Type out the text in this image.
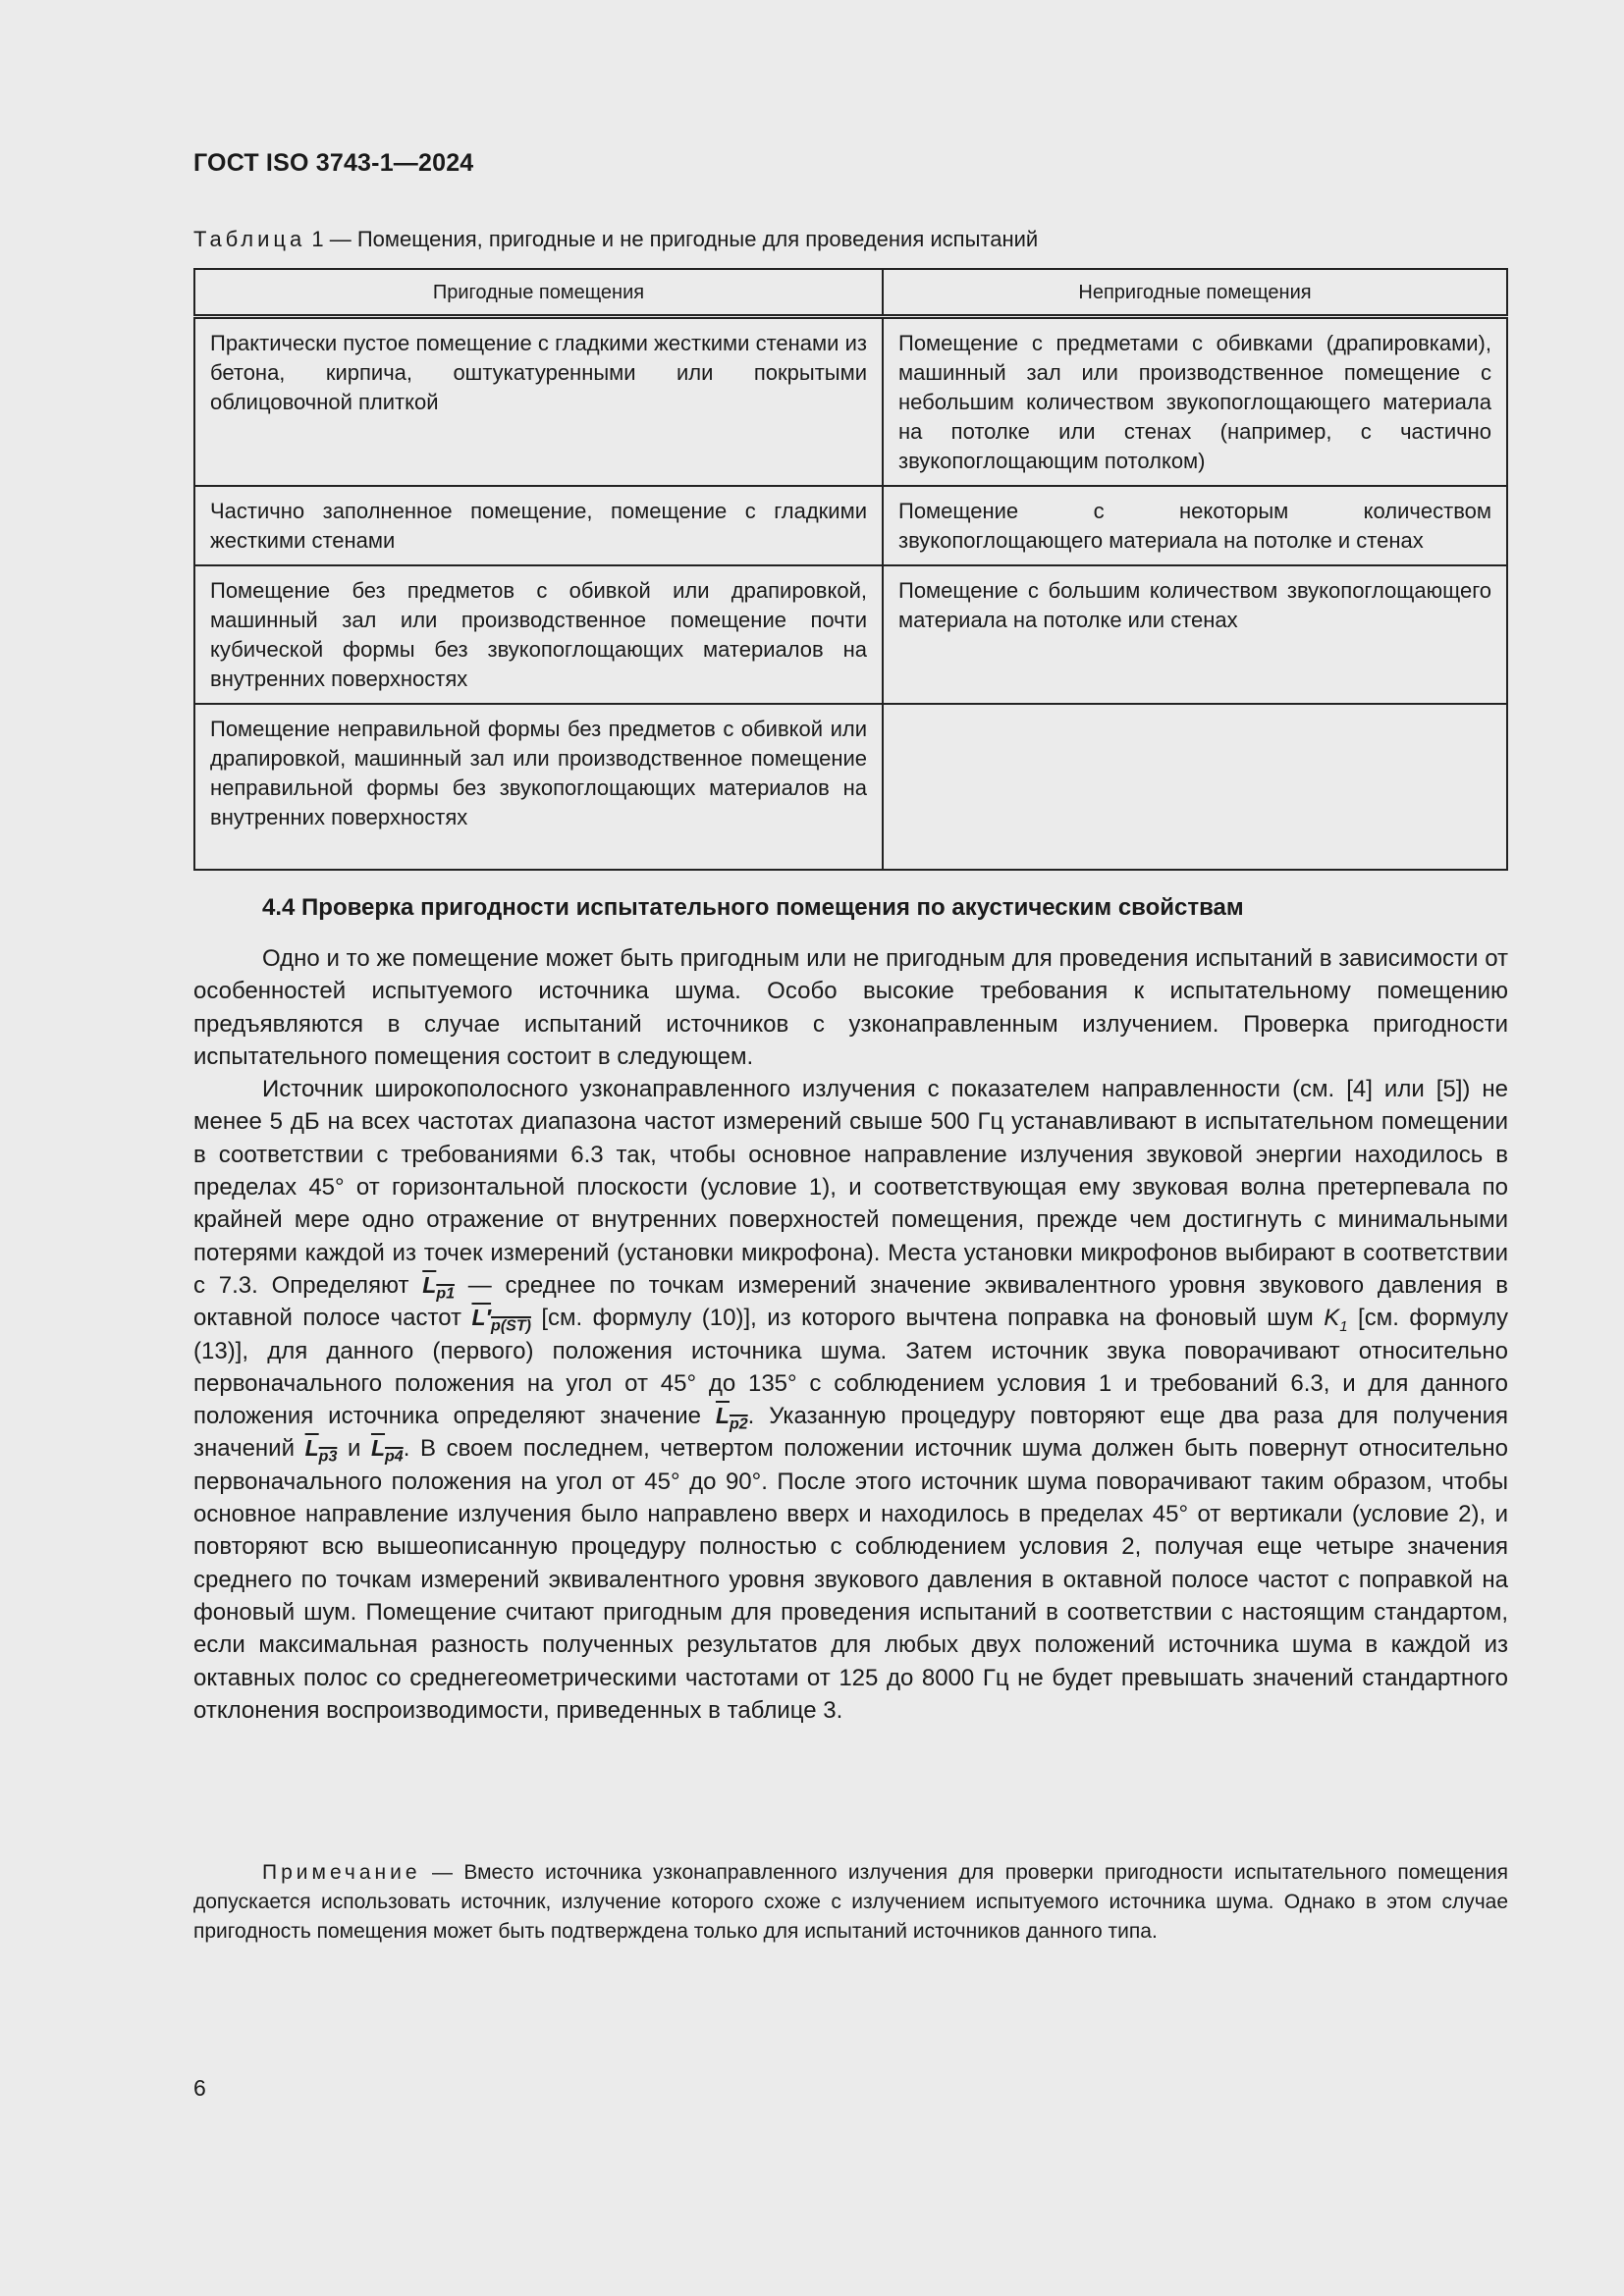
ГОСТ ISO 3743-1—2024
Таблица 1 — Помещения, пригодные и не пригодные для проведения испытаний
Пригодные помещения	Непригодные помещения
Практически пустое помещение с гладкими жесткими стенами из бетона, кирпича, оштукатуренными или покрытыми облицовочной плиткой	Помещение с предметами с обивками (драпировками), машинный зал или производственное помещение с небольшим количеством звукопоглощающего материала на потолке или стенах (например, с частично звукопоглощающим потолком)
Частично заполненное помещение, помещение с гладкими жесткими стенами	Помещение с некоторым количеством звукопоглощающего материала на потолке и стенах
Помещение без предметов с обивкой или драпировкой, машинный зал или производственное помещение почти кубической формы без звукопоглощающих материалов на внутренних поверхностях	Помещение с большим количеством звукопоглощающего материала на потолке или стенах
Помещение неправильной формы без предметов с обивкой или драпировкой, машинный зал или производственное помещение неправильной формы без звукопоглощающих материалов на внутренних поверхностях	
4.4 Проверка пригодности испытательного помещения по акустическим свойствам

Одно и то же помещение может быть пригодным или не пригодным для проведения испытаний в зависимости от особенностей испытуемого источника шума. Особо высокие требования к испытательному помещению предъявляются в случае испытаний источников с узконаправленным излучением. Проверка пригодности испытательного помещения состоит в следующем.

Источник широкополосного узконаправленного излучения с показателем направленности (см. [4] или [5]) не менее 5 дБ на всех частотах диапазона частот измерений свыше 500 Гц устанавливают в испытательном помещении в соответствии с требованиями 6.3 так, чтобы основное направление излучения звуковой энергии находилось в пределах 45° от горизонтальной плоскости (условие 1), и соответствующая ему звуковая волна претерпевала по крайней мере одно отражение от внутренних поверхностей помещения, прежде чем достигнуть с минимальными потерями каждой из точек измерений (установки микрофона). Места установки микрофонов выбирают в соответствии с 7.3. Определяют $L_{p1}$ — среднее по точкам измерений значение эквивалентного уровня звукового давления в октавной полосе частот $L'_{p(ST)}$ [см. формулу (10)], из которого вычтена поправка на фоновый шум $K_1$ [см. формулу (13)], для данного (первого) положения источника шума. Затем источник звука поворачивают относительно первоначального положения на угол от 45° до 135° с соблюдением условия 1 и требований 6.3, и для данного положения источника определяют значение $L_{p2}$. Указанную процедуру повторяют еще два раза для получения значений $L_{p3}$ и $L_{p4}$. В своем последнем, четвертом положении источник шума должен быть повернут относительно первоначального положения на угол от 45° до 90°. После этого источник шума поворачивают таким образом, чтобы основное направление излучения было направлено вверх и находилось в пределах 45° от вертикали (условие 2), и повторяют всю вышеописанную процедуру полностью с соблюдением условия 2, получая еще четыре значения среднего по точкам измерений эквивалентного уровня звукового давления в октавной полосе частот с поправкой на фоновый шум. Помещение считают пригодным для проведения испытаний в соответствии с настоящим стандартом, если максимальная разность полученных результатов для любых двух положений источника шума в каждой из октавных полос со среднегеометрическими частотами от 125 до 8000 Гц не будет превышать значений стандартного отклонения воспроизводимости, приведенных в таблице 3.

Примечание — Вместо источника узконаправленного излучения для проверки пригодности испытательного помещения допускается использовать источник, излучение которого схоже с излучением испытуемого источника шума. Однако в этом случае пригодность помещения может быть подтверждена только для испытаний источников данного типа.
6
